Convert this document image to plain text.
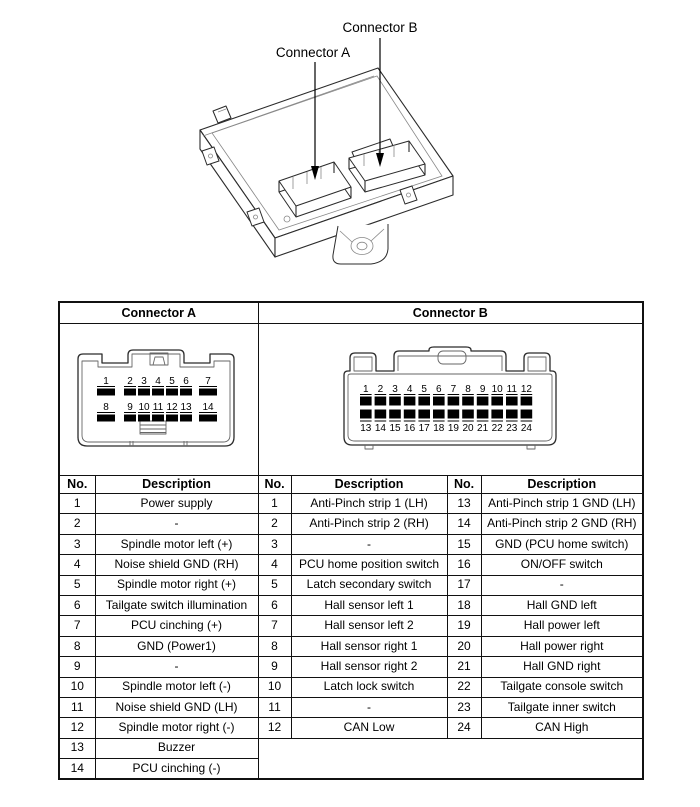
Connector A
Connector B
Connector A		Connector B			

1 2 3 4 5 6 7
8 9 10 11 12 13 14

1 2 3 4 5 6 7 8 9 10 11 12
13 14 15 16 17 18 19 20 21 22 23 24

No.	Description	No.	Description	No.	Description
1	Power supply	1	Anti-Pinch strip 1 (LH)	13	Anti-Pinch strip 1 GND (LH)
2	-	2	Anti-Pinch strip 2 (RH)	14	Anti-Pinch strip 2 GND (RH)
3	Spindle motor left (+)	3	-	15	GND (PCU home switch)
4	Noise shield GND (RH)	4	PCU home position switch	16	ON/OFF switch
5	Spindle motor right (+)	5	Latch secondary switch	17	-
6	Tailgate switch illumination	6	Hall sensor left 1	18	Hall GND left
7	PCU cinching (+)	7	Hall sensor left 2	19	Hall power left
8	GND (Power1)	8	Hall sensor right 1	20	Hall power right
9	-	9	Hall sensor right 2	21	Hall GND right
10	Spindle motor left (-)	10	Latch lock switch	22	Tailgate console switch
11	Noise shield GND (LH)	11	-	23	Tailgate inner switch
12	Spindle motor right (-)	12	CAN Low	24	CAN High
13	Buzzer				
14	PCU cinching (-)				
